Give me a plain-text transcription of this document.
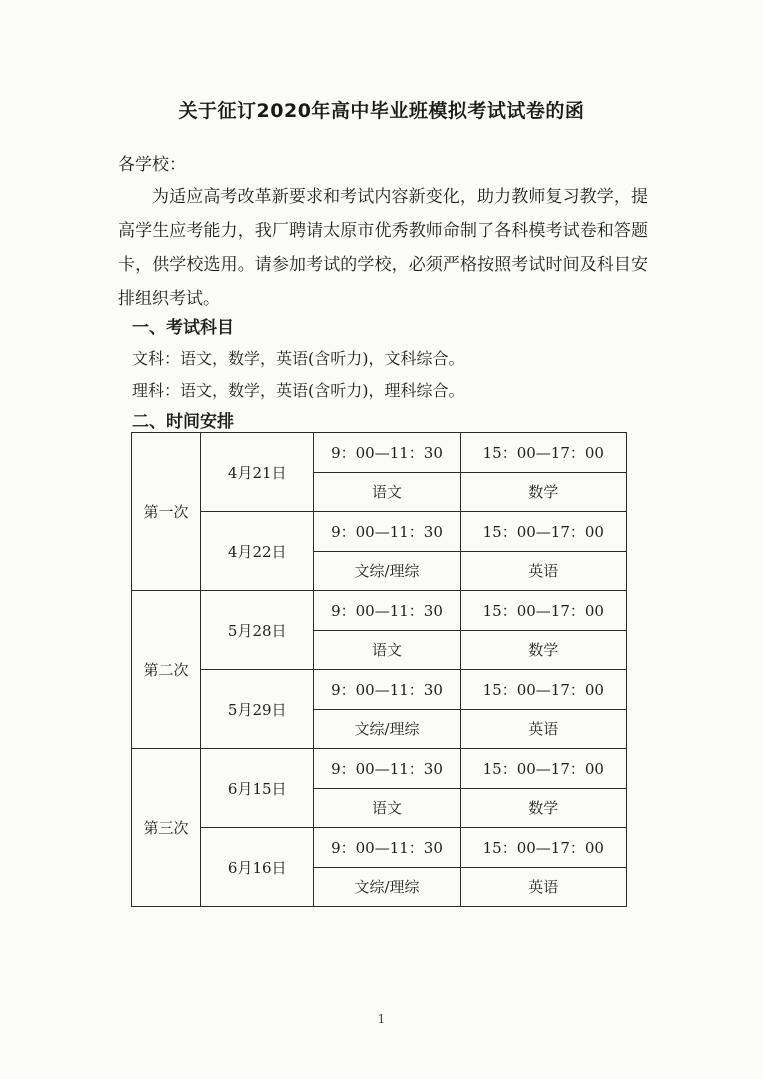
关于征订2020年高中毕业班模拟考试试卷的函
各学校：
为适应高考改革新要求和考试内容新变化，助力教师复习教学，提高学生应考能力，我厂聘请太原市优秀教师命制了各科模考试卷和答题卡，供学校选用。请参加考试的学校，必须严格按照考试时间及科目安排组织考试。
一、考试科目
文科：语文，数学，英语(含听力)，文科综合。
理科：语文，数学，英语(含听力)，理科综合。
二、时间安排
第一次	4月21日	9：00—11：30	15：00—17：00
		语文	数学
	4月22日	9：00—11：30	15：00—17：00
		文综/理综	英语
第二次	5月28日	9：00—11：30	15：00—17：00
		语文	数学
	5月29日	9：00—11：30	15：00—17：00
		文综/理综	英语
第三次	6月15日	9：00—11：30	15：00—17：00
		语文	数学
	6月16日	9：00—11：30	15：00—17：00
		文综/理综	英语
1
